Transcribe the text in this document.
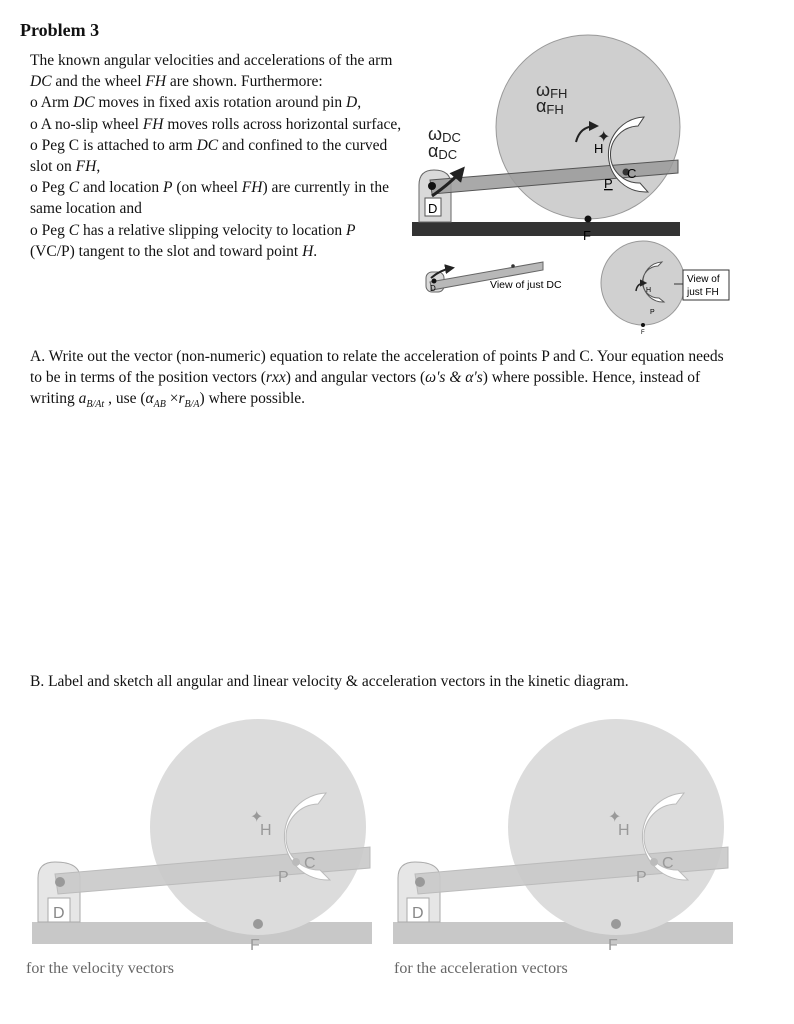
Problem 3

The known angular velocities and accelerations of the arm DC and the wheel FH are shown. Furthermore:

o Arm DC moves in fixed axis rotation around pin D,
o A no-slip wheel FH moves rolls across horizontal surface,
o Peg C is attached to arm DC and confined to the curved slot on FH,
o Peg C and location P (on wheel FH) are currently in the same location and
o Peg C has a relative slipping velocity to location P (VC/P) tangent to the slot and toward point H.
D
✦
H
C
P
F
ωFH
αFH
ωDC
αDC
D	View of just DC	H
P
F
View of
just FH
A. Write out the vector (non-numeric) equation to relate the acceleration of points P and C. Your equation needs to be in terms of the position vectors (rxx) and angular vectors (ω's & α's) where possible. Hence, instead of writing $a_{B/At}$ , use $(\alpha_{AB} \times r_{B/A})$ where possible.
B. Label and sketch all angular and linear velocity & acceleration vectors in the kinetic diagram.
D
✦
H
C
P
F
D
✦
H
C
P
F
for the velocity vectors	for the acceleration vectors
